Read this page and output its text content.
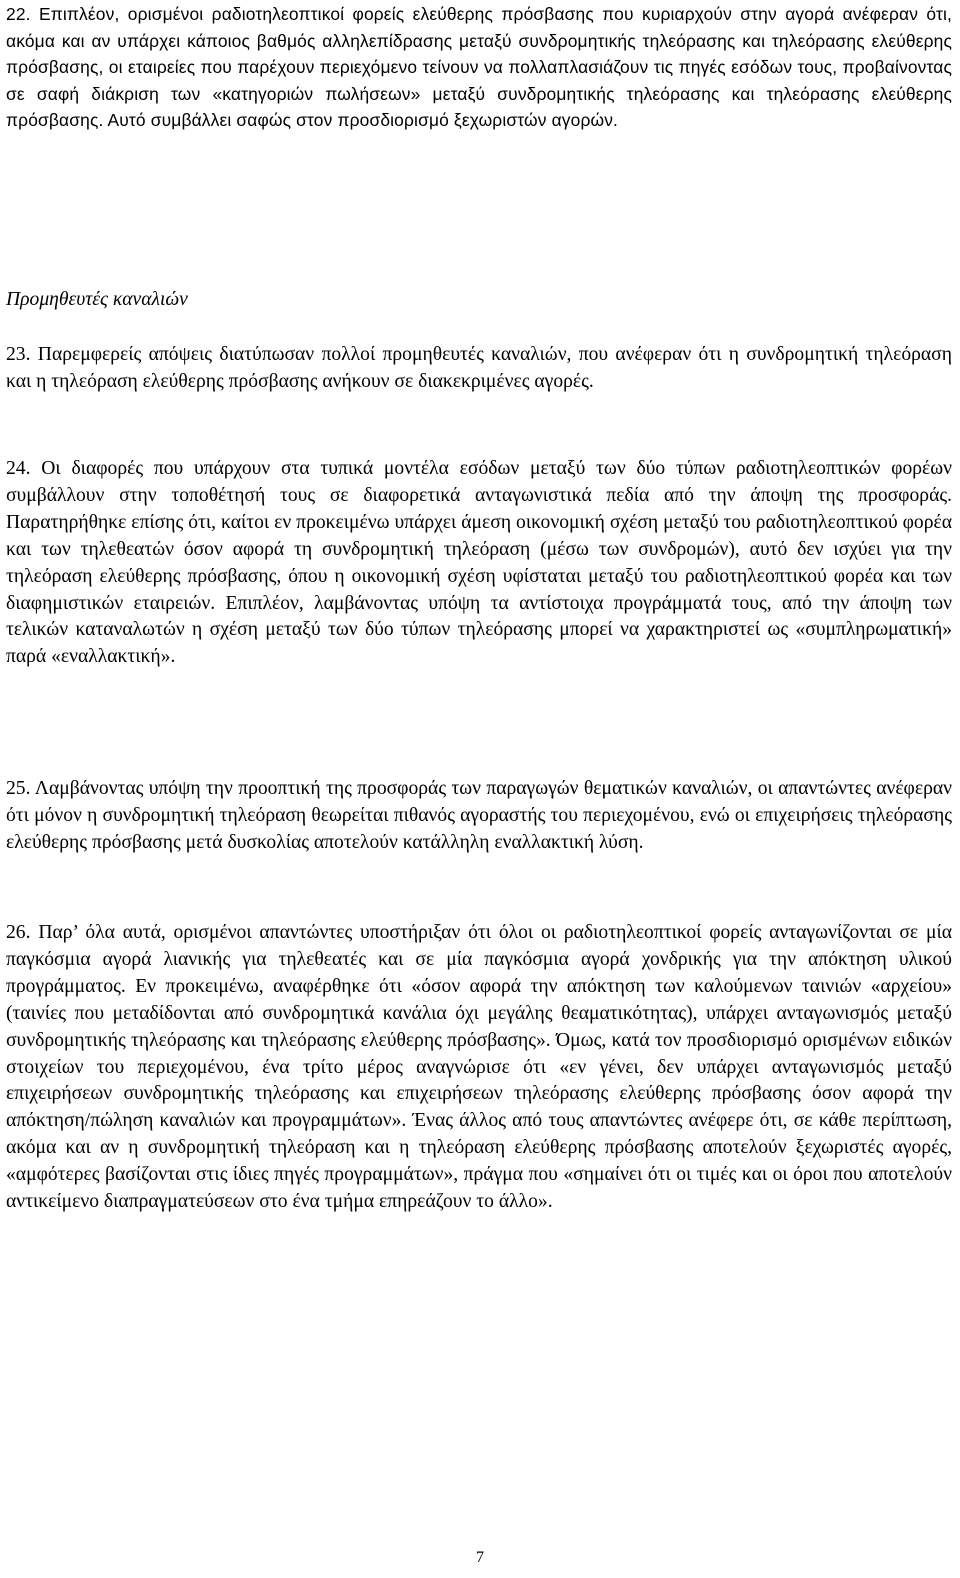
22. Επιπλέον, ορισμένοι ραδιοτηλεοπτικοί φορείς ελεύθερης πρόσβασης που κυριαρχούν στην αγορά ανέφεραν ότι, ακόμα και αν υπάρχει κάποιος βαθμός αλληλεπίδρασης μεταξύ συνδρομητικής τηλεόρασης και τηλεόρασης ελεύθερης πρόσβασης, οι εταιρείες που παρέχουν περιεχόμενο τείνουν να πολλαπλασιάζουν τις πηγές εσόδων τους, προβαίνοντας σε σαφή διάκριση των «κατηγοριών πωλήσεων» μεταξύ συνδρομητικής τηλεόρασης και τηλεόρασης ελεύθερης πρόσβασης. Αυτό συμβάλλει σαφώς στον προσδιορισμό ξεχωριστών αγορών.

Προμηθευτές καναλιών

23. Παρεμφερείς απόψεις διατύπωσαν πολλοί προμηθευτές καναλιών, που ανέφεραν ότι η συνδρομητική τηλεόραση και η τηλεόραση ελεύθερης πρόσβασης ανήκουν σε διακεκριμένες αγορές.

24. Οι διαφορές που υπάρχουν στα τυπικά μοντέλα εσόδων μεταξύ των δύο τύπων ραδιοτηλεοπτικών φορέων συμβάλλουν στην τοποθέτησή τους σε διαφορετικά ανταγωνιστικά πεδία από την άποψη της προσφοράς. Παρατηρήθηκε επίσης ότι, καίτοι εν προκειμένω υπάρχει άμεση οικονομική σχέση μεταξύ του ραδιοτηλεοπτικού φορέα και των τηλεθεατών όσον αφορά τη συνδρομητική τηλεόραση (μέσω των συνδρομών), αυτό δεν ισχύει για την τηλεόραση ελεύθερης πρόσβασης, όπου η οικονομική σχέση υφίσταται μεταξύ του ραδιοτηλεοπτικού φορέα και των διαφημιστικών εταιρειών. Επιπλέον, λαμβάνοντας υπόψη τα αντίστοιχα προγράμματά τους, από την άποψη των τελικών καταναλωτών η σχέση μεταξύ των δύο τύπων τηλεόρασης μπορεί να χαρακτηριστεί ως «συμπληρωματική» παρά «εναλλακτική».

25. Λαμβάνοντας υπόψη την προοπτική της προσφοράς των παραγωγών θεματικών καναλιών, οι απαντώντες ανέφεραν ότι μόνον η συνδρομητική τηλεόραση θεωρείται πιθανός αγοραστής του περιεχομένου, ενώ οι επιχειρήσεις τηλεόρασης ελεύθερης πρόσβασης μετά δυσκολίας αποτελούν κατάλληλη εναλλακτική λύση.

26. Παρ’ όλα αυτά, ορισμένοι απαντώντες υποστήριξαν ότι όλοι οι ραδιοτηλεοπτικοί φορείς ανταγωνίζονται σε μία παγκόσμια αγορά λιανικής για τηλεθεατές και σε μία παγκόσμια αγορά χονδρικής για την απόκτηση υλικού προγράμματος. Εν προκειμένω, αναφέρθηκε ότι «όσον αφορά την απόκτηση των καλούμενων ταινιών «αρχείου» (ταινίες που μεταδίδονται από συνδρομητικά κανάλια όχι μεγάλης θεαματικότητας), υπάρχει ανταγωνισμός μεταξύ συνδρομητικής τηλεόρασης και τηλεόρασης ελεύθερης πρόσβασης». Όμως, κατά τον προσδιορισμό ορισμένων ειδικών στοιχείων του περιεχομένου, ένα τρίτο μέρος αναγνώρισε ότι «εν γένει, δεν υπάρχει ανταγωνισμός μεταξύ επιχειρήσεων συνδρομητικής τηλεόρασης και επιχειρήσεων τηλεόρασης ελεύθερης πρόσβασης όσον αφορά την απόκτηση/πώληση καναλιών και προγραμμάτων». Ένας άλλος από τους απαντώντες ανέφερε ότι, σε κάθε περίπτωση, ακόμα και αν η συνδρομητική τηλεόραση και η τηλεόραση ελεύθερης πρόσβασης αποτελούν ξεχωριστές αγορές, «αμφότερες βασίζονται στις ίδιες πηγές προγραμμάτων», πράγμα που «σημαίνει ότι οι τιμές και οι όροι που αποτελούν αντικείμενο διαπραγματεύσεων στο ένα τμήμα επηρεάζουν το άλλο».

7
